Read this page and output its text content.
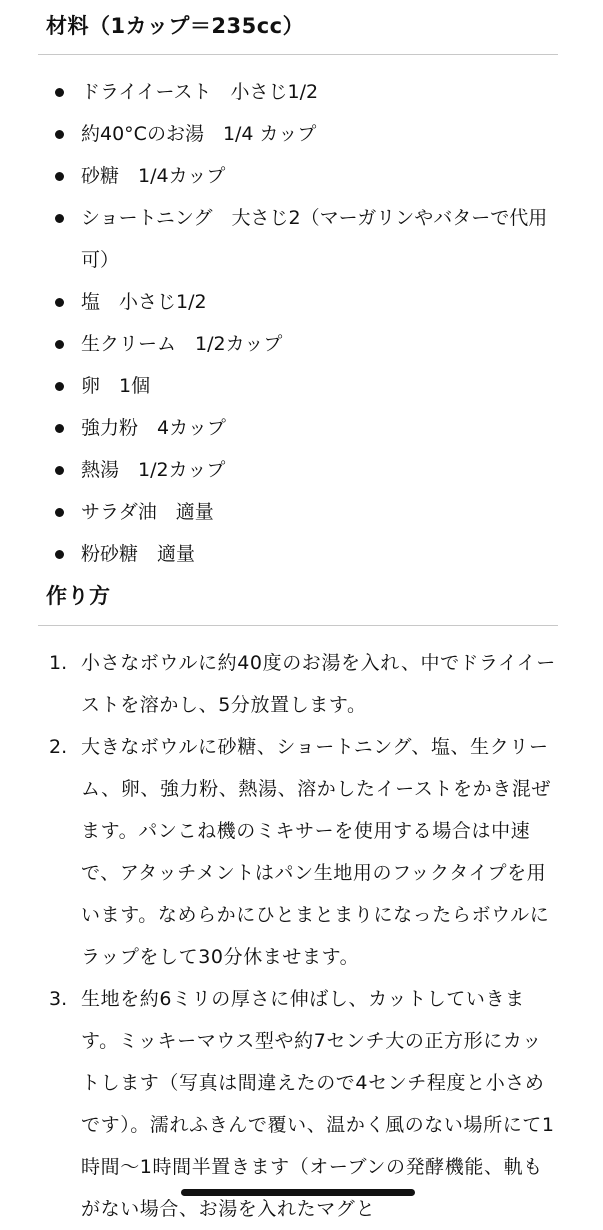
材料（1カップ＝235cc）
ドライイースト　小さじ1/2
約40°Cのお湯　1/4 カップ
砂糖　1/4カップ
ショートニング　大さじ2（マーガリンやバターで代用可）
塩　小さじ1/2
生クリーム　1/2カップ
卵　1個
強力粉　4カップ
熱湯　1/2カップ
サラダ油　適量
粉砂糖　適量
作り方
1. 小さなボウルに約40度のお湯を入れ、中でドライイーストを溶かし、5分放置します。
2. 大きなボウルに砂糖、ショートニング、塩、生クリーム、卵、強力粉、熱湯、溶かしたイーストをかき混ぜます。パンこね機のミキサーを使用する場合は中速で、アタッチメントはパン生地用のフックタイプを用います。なめらかにひとまとまりになったらボウルにラップをして30分休ませます。
3. 生地を約6ミリの厚さに伸ばし、カットしていきます。ミッキーマウス型や約7センチ大の正方形にカットします（写真は間違えたので4センチ程度と小さめです）。濡れふきんで覆い、温かく風のない場所にて1時間〜1時間半置きます（オーブンの発酵機能、軌もがない場合、お湯を入れたマグと
